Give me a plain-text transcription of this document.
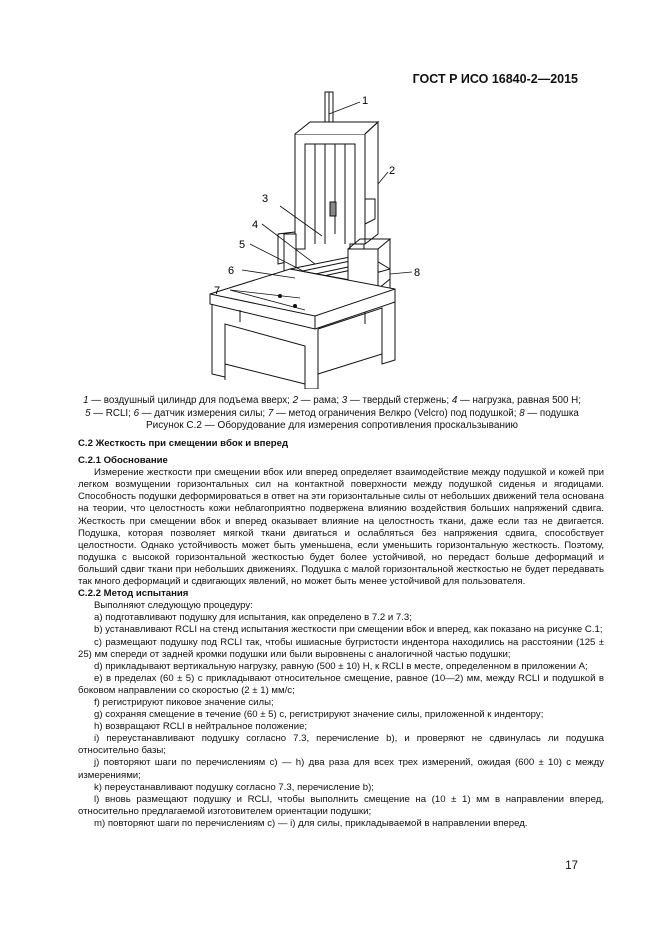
ГОСТ Р ИСО 16840-2—2015
1
2
3
4
5
6
7
8
1 — воздушный цилиндр для подъема вверх; 2 — рама; 3 — твердый стержень; 4 — нагрузка, равная 500 Н;
5 — RCLI; 6 — датчик измерения силы; 7 — метод ограничения Велкро (Velcro) под подушкой; 8 — подушка
Рисунок С.2 — Оборудование для измерения сопротивления проскальзыванию

С.2 Жесткость при смещении вбок и вперед

С.2.1 Обоснование

Измерение жесткости при смещении вбок или вперед определяет взаимодействие между подушкой и кожей при легком возмущении горизонтальных сил на контактной поверхности между подушкой сиденья и ягодицами. Способность подушки деформироваться в ответ на эти горизонтальные силы от небольших движений тела основана на теории, что целостность кожи неблагоприятно подвержена влиянию воздействия больших напряжений сдвига. Жесткость при смещении вбок и вперед оказывает влияние на целостность ткани, даже если таз не двигается. Подушка, которая позволяет мягкой ткани двигаться и ослабляться без напряжения сдвига, способствует целостности. Однако устойчивость может быть уменьшена, если уменьшить горизонтальную жесткость. Поэтому, подушка с высокой горизонтальной жесткостью будет более устойчивой, но передаст больше деформаций и больший сдвиг ткани при небольших движениях. Подушка с малой горизонтальной жесткостью не будет передавать так много деформаций и сдвигающих явлений, но может быть менее устойчивой для пользователя.

С.2.2 Метод испытания

Выполняют следующую процедуру:

a) подготавливают подушку для испытания, как определено в 7.2 и 7.3;

b) устанавливают RCLI на стенд испытания жесткости при смещении вбок и вперед, как показано на рисунке С.1;

c) размещают подушку под RCLI так, чтобы ишиасные бугристости индентора находились на расстоянии (125 ± 25) мм спереди от задней кромки подушки или были выровнены с аналогичной частью подушки;

d) прикладывают вертикальную нагрузку, равную (500 ± 10) Н, к RCLI в месте, определенном в приложении А;

e) в пределах (60 ± 5) с прикладывают относительное смещение, равное (10—2) мм, между RCLI и подушкой в боковом направлении со скоростью (2 ± 1) мм/с;

f) регистрируют пиковое значение силы;

g) сохраняя смещение в течение (60 ± 5) с, регистрируют значение силы, приложенной к индентору;

h) возвращают RCLI в нейтральное положение;

i) переустанавливают подушку согласно 7.3, перечисление b), и проверяют не сдвинулась ли подушка относительно базы;

j) повторяют шаги по перечислениям с) — h) два раза для всех трех измерений, ожидая (600 ± 10) с между измерениями;

k) переустанавливают подушку согласно 7.3, перечисление b);

l) вновь размещают подушку и RCLI, чтобы выполнить смещение на (10 ± 1) мм в направлении вперед, относительно предлагаемой изготовителем ориентации подушки;

m) повторяют шаги по перечислениям с) — i) для силы, прикладываемой в направлении вперед.

17
